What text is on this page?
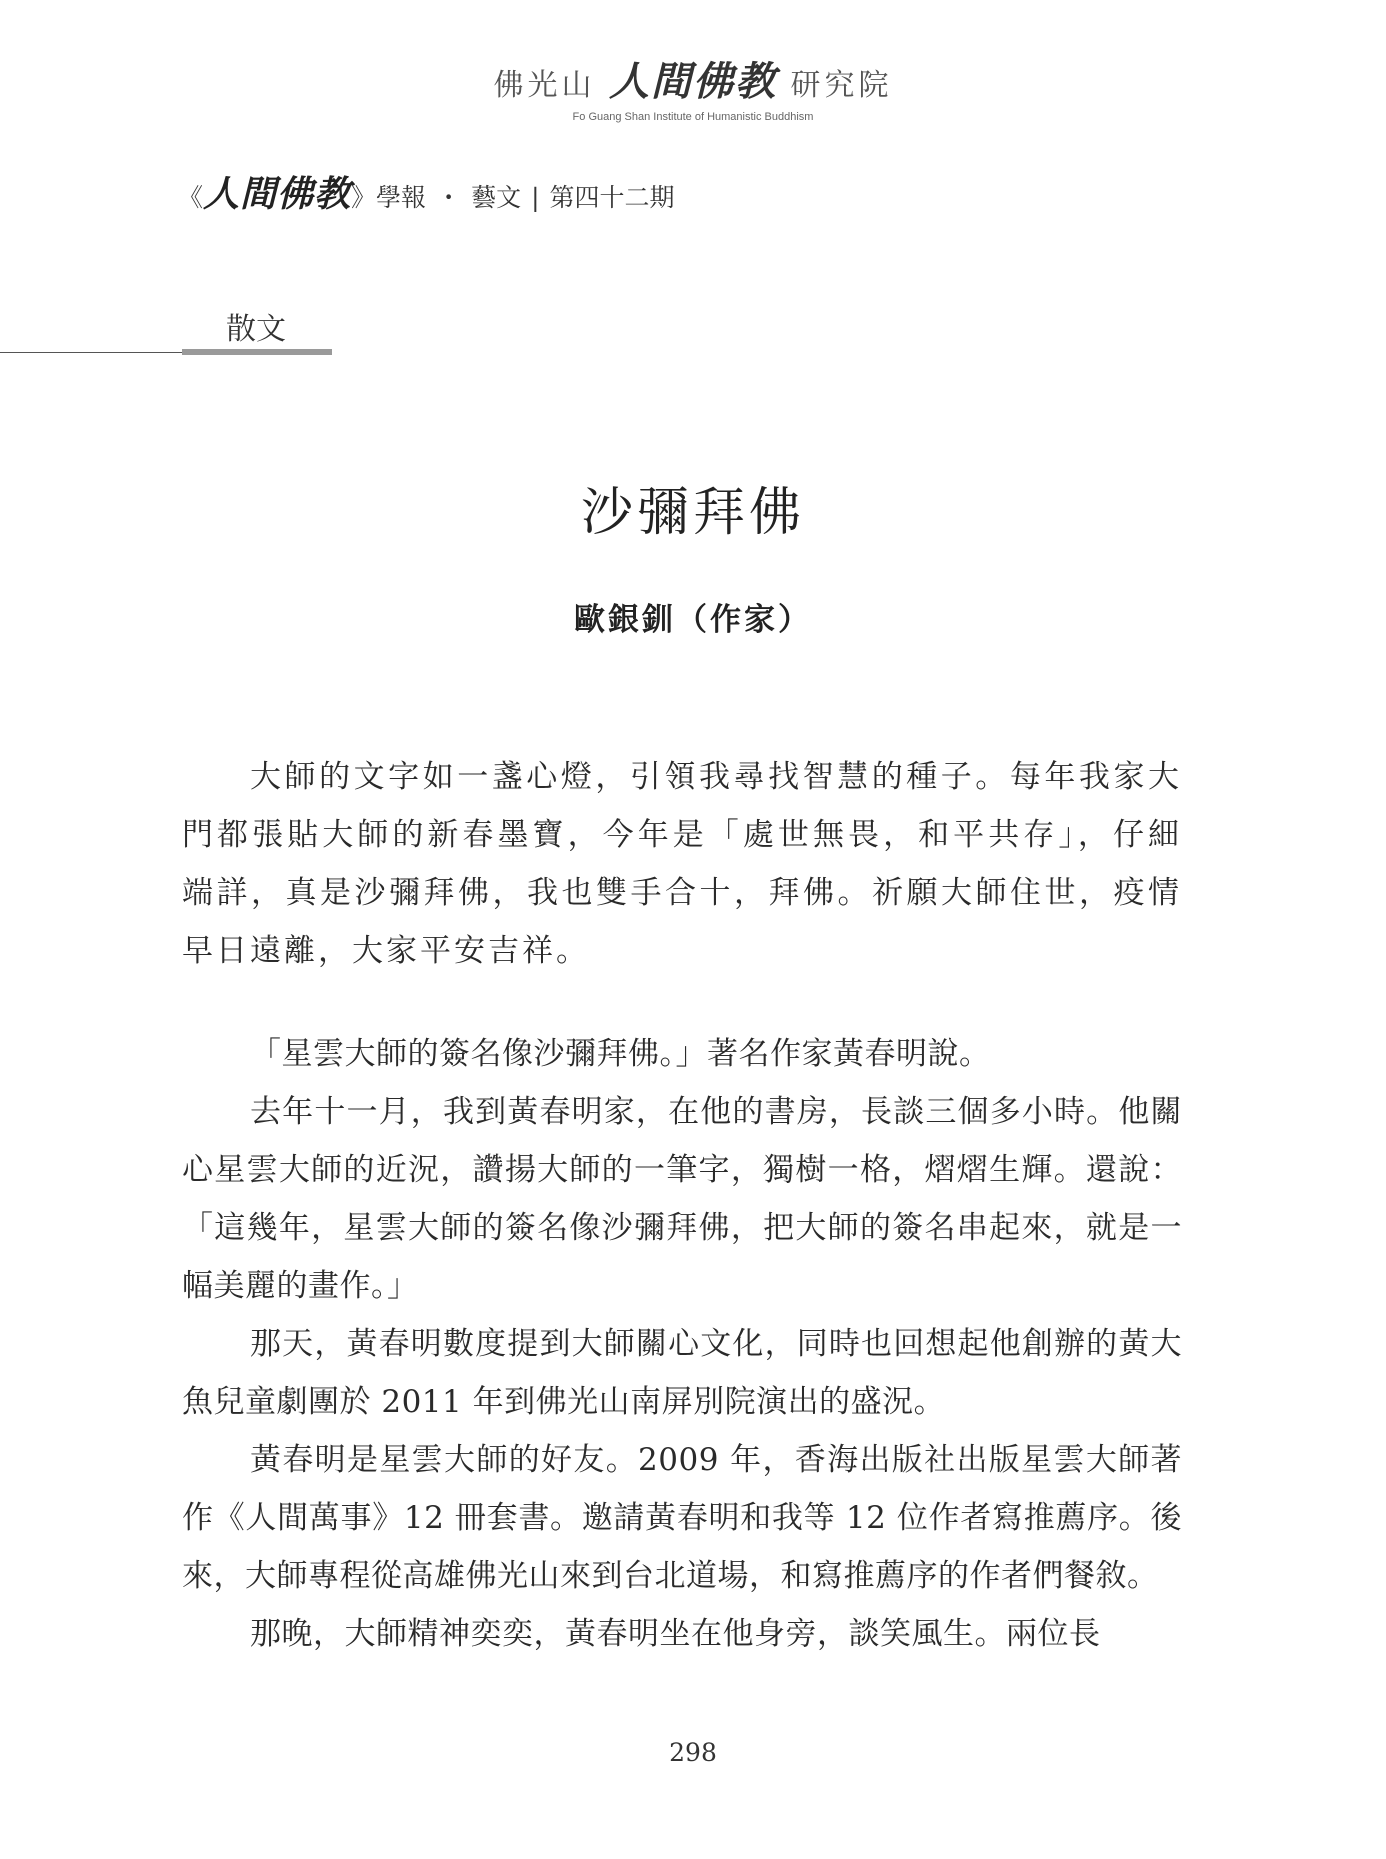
佛光山 人間佛教 研究院
Fo Guang Shan Institute of Humanistic Buddhism
《人間佛教》學報 ・ 藝文 | 第四十二期
散文
沙彌拜佛
歐銀釧（作家）

大師的文字如一盞心燈，引領我尋找智慧的種子。每年我家大門都張貼大師的新春墨寶，今年是「處世無畏，和平共存」，仔細端詳，真是沙彌拜佛，我也雙手合十，拜佛。祈願大師住世，疫情早日遠離，大家平安吉祥。

「星雲大師的簽名像沙彌拜佛。」著名作家黃春明說。

去年十一月，我到黃春明家，在他的書房，長談三個多小時。他關心星雲大師的近況，讚揚大師的一筆字，獨樹一格，熠熠生輝。還說：「這幾年，星雲大師的簽名像沙彌拜佛，把大師的簽名串起來，就是一幅美麗的畫作。」

那天，黃春明數度提到大師關心文化，同時也回想起他創辦的黃大魚兒童劇團於 2011 年到佛光山南屏別院演出的盛況。

黃春明是星雲大師的好友。2009 年，香海出版社出版星雲大師著作《人間萬事》12 冊套書。邀請黃春明和我等 12 位作者寫推薦序。後來，大師專程從高雄佛光山來到台北道場，和寫推薦序的作者們餐敘。

那晚，大師精神奕奕，黃春明坐在他身旁，談笑風生。兩位長

298
